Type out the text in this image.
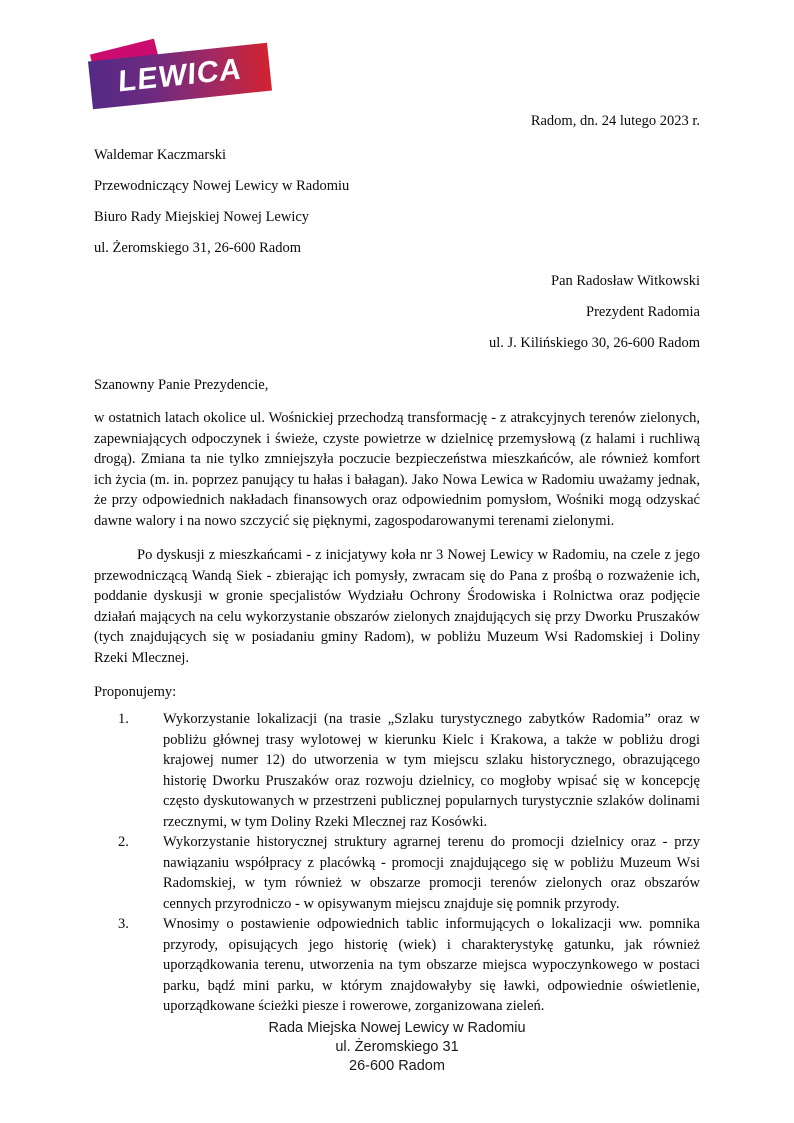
LEWICA
Radom, dn. 24 lutego 2023 r.
Waldemar Kaczmarski
Przewodniczący Nowej Lewicy w Radomiu
Biuro Rady Miejskiej Nowej Lewicy
ul. Żeromskiego 31, 26-600 Radom
Pan Radosław Witkowski
Prezydent Radomia
ul. J. Kilińskiego 30, 26-600 Radom
Szanowny Panie Prezydencie,
w ostatnich latach okolice ul. Wośnickiej przechodzą transformację - z atrakcyjnych terenów zielonych, zapewniających odpoczynek i świeże, czyste powietrze w dzielnicę przemysłową (z halami i ruchliwą drogą). Zmiana ta nie tylko zmniejszyła poczucie bezpieczeństwa mieszkańców, ale również komfort ich życia (m. in. poprzez panujący tu hałas i bałagan). Jako Nowa Lewica w Radomiu uważamy jednak, że przy odpowiednich nakładach finansowych oraz odpowiednim pomysłom, Wośniki mogą odzyskać dawne walory i na nowo szczycić się pięknymi, zagospodarowanymi terenami zielonymi.
Po dyskusji z mieszkańcami - z inicjatywy koła nr 3 Nowej Lewicy w Radomiu, na czele z jego przewodniczącą Wandą Siek - zbierając ich pomysły, zwracam się do Pana z prośbą o rozważenie ich, poddanie dyskusji w gronie specjalistów Wydziału Ochrony Środowiska i Rolnictwa oraz podjęcie działań mających na celu wykorzystanie obszarów zielonych znajdujących się przy Dworku Pruszaków (tych znajdujących się w posiadaniu gminy Radom), w pobliżu Muzeum Wsi Radomskiej i Doliny Rzeki Mlecznej.
Proponujemy:
1.	Wykorzystanie lokalizacji (na trasie „Szlaku turystycznego zabytków Radomia” oraz w pobliżu głównej trasy wylotowej w kierunku Kielc i Krakowa, a także w pobliżu drogi krajowej numer 12) do utworzenia w tym miejscu szlaku historycznego, obrazującego historię Dworku Pruszaków oraz rozwoju dzielnicy, co mogłoby wpisać się w koncepcję często dyskutowanych w przestrzeni publicznej popularnych turystycznie szlaków dolinami rzecznymi, w tym Doliny Rzeki Mlecznej raz Kosówki.
2.	Wykorzystanie historycznej struktury agrarnej terenu do promocji dzielnicy oraz - przy nawiązaniu współpracy z placówką - promocji znajdującego się w pobliżu Muzeum Wsi Radomskiej, w tym również w obszarze promocji terenów zielonych oraz obszarów cennych przyrodniczo - w opisywanym miejscu znajduje się pomnik przyrody.
3.	Wnosimy o postawienie odpowiednich tablic informujących o lokalizacji ww. pomnika przyrody, opisujących jego historię (wiek) i charakterystykę gatunku, jak również uporządkowania terenu, utworzenia na tym obszarze miejsca wypoczynkowego w postaci parku, bądź mini parku, w którym znajdowałyby się ławki, odpowiednie oświetlenie, uporządkowane ścieżki piesze i rowerowe, zorganizowana zieleń.
Rada Miejska Nowej Lewicy w Radomiu
ul. Żeromskiego 31
26-600 Radom
